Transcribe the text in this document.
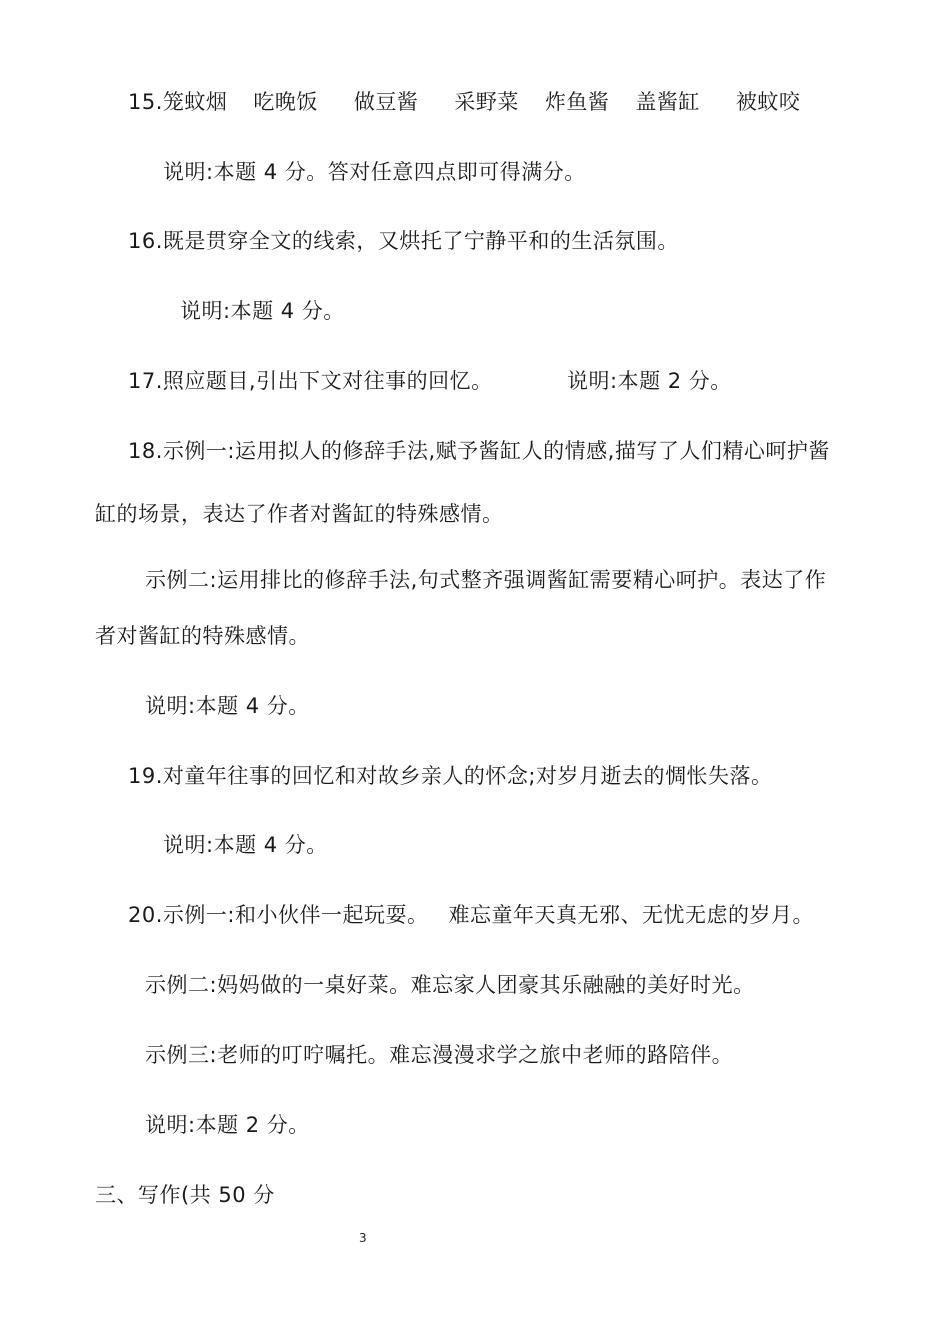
15.笼蚊烟 吃晚饭 做豆酱 采野菜 炸鱼酱 盖酱缸 被蚊咬
说明:本题 4 分。答对任意四点即可得满分。
16.既是贯穿全文的线索，又烘托了宁静平和的生活氛围。
说明:本题 4 分。
17.照应题目,引出下文对往事的回忆。	说明:本题 2 分。
18.示例一:运用拟人的修辞手法,赋予酱缸人的情感,描写了人们精心呵护酱
缸的场景，表达了作者对酱缸的特殊感情。
示例二:运用排比的修辞手法,句式整齐强调酱缸需要精心呵护。表达了作
者对酱缸的特殊感情。
说明:本题 4 分。
19.对童年往事的回忆和对故乡亲人的怀念;对岁月逝去的惆怅失落。
说明:本题 4 分。
20.示例一:和小伙伴一起玩耍。 难忘童年天真无邪、无忧无虑的岁月。
示例二:妈妈做的一桌好菜。难忘家人团豪其乐融融的美好时光。
示例三:老师的叮咛嘱托。难忘漫漫求学之旅中老师的路陪伴。
说明:本题 2 分。
三、写作(共 50 分
3
